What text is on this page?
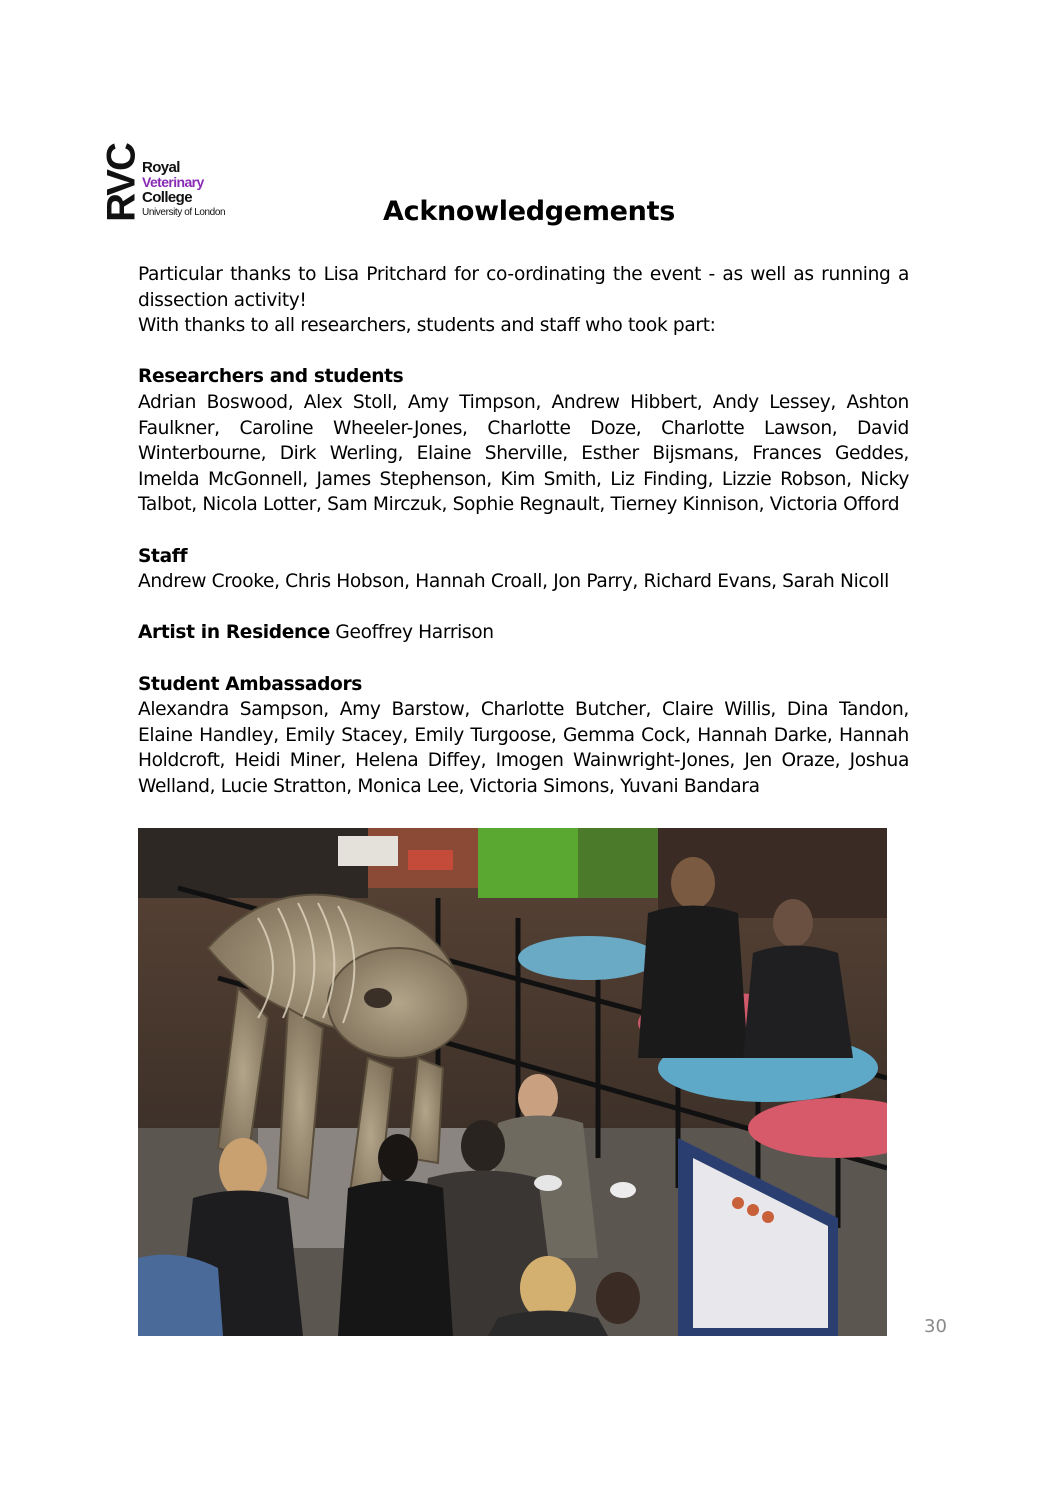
RVC
Royal
Veterinary
College
University of London	Acknowledgements

Particular thanks to Lisa Pritchard for co-ordinating the event - as well as running a dissection activity!

With thanks to all researchers, students and staff who took part:

Researchers and students

Adrian Boswood, Alex Stoll, Amy Timpson, Andrew Hibbert, Andy Lessey, Ashton Faulkner, Caroline Wheeler-Jones, Charlotte Doze, Charlotte Lawson, David Winterbourne, Dirk Werling, Elaine Sherville, Esther Bijsmans, Frances Geddes, Imelda McGonnell, James Stephenson, Kim Smith, Liz Finding, Lizzie Robson, Nicky Talbot, Nicola Lotter, Sam Mirczuk, Sophie Regnault, Tierney Kinnison, Victoria Offord

Staff

Andrew Crooke, Chris Hobson, Hannah Croall, Jon Parry, Richard Evans, Sarah Nicoll

Artist in Residence Geoffrey Harrison

Student Ambassadors

Alexandra Sampson, Amy Barstow, Charlotte Butcher, Claire Willis, Dina Tandon, Elaine Handley, Emily Stacey, Emily Turgoose, Gemma Cock, Hannah Darke, Hannah Holdcroft, Heidi Miner, Helena Diffey, Imogen Wainwright-Jones, Jen Oraze, Joshua Welland, Lucie Stratton, Monica Lee, Victoria Simons, Yuvani Bandara

30
